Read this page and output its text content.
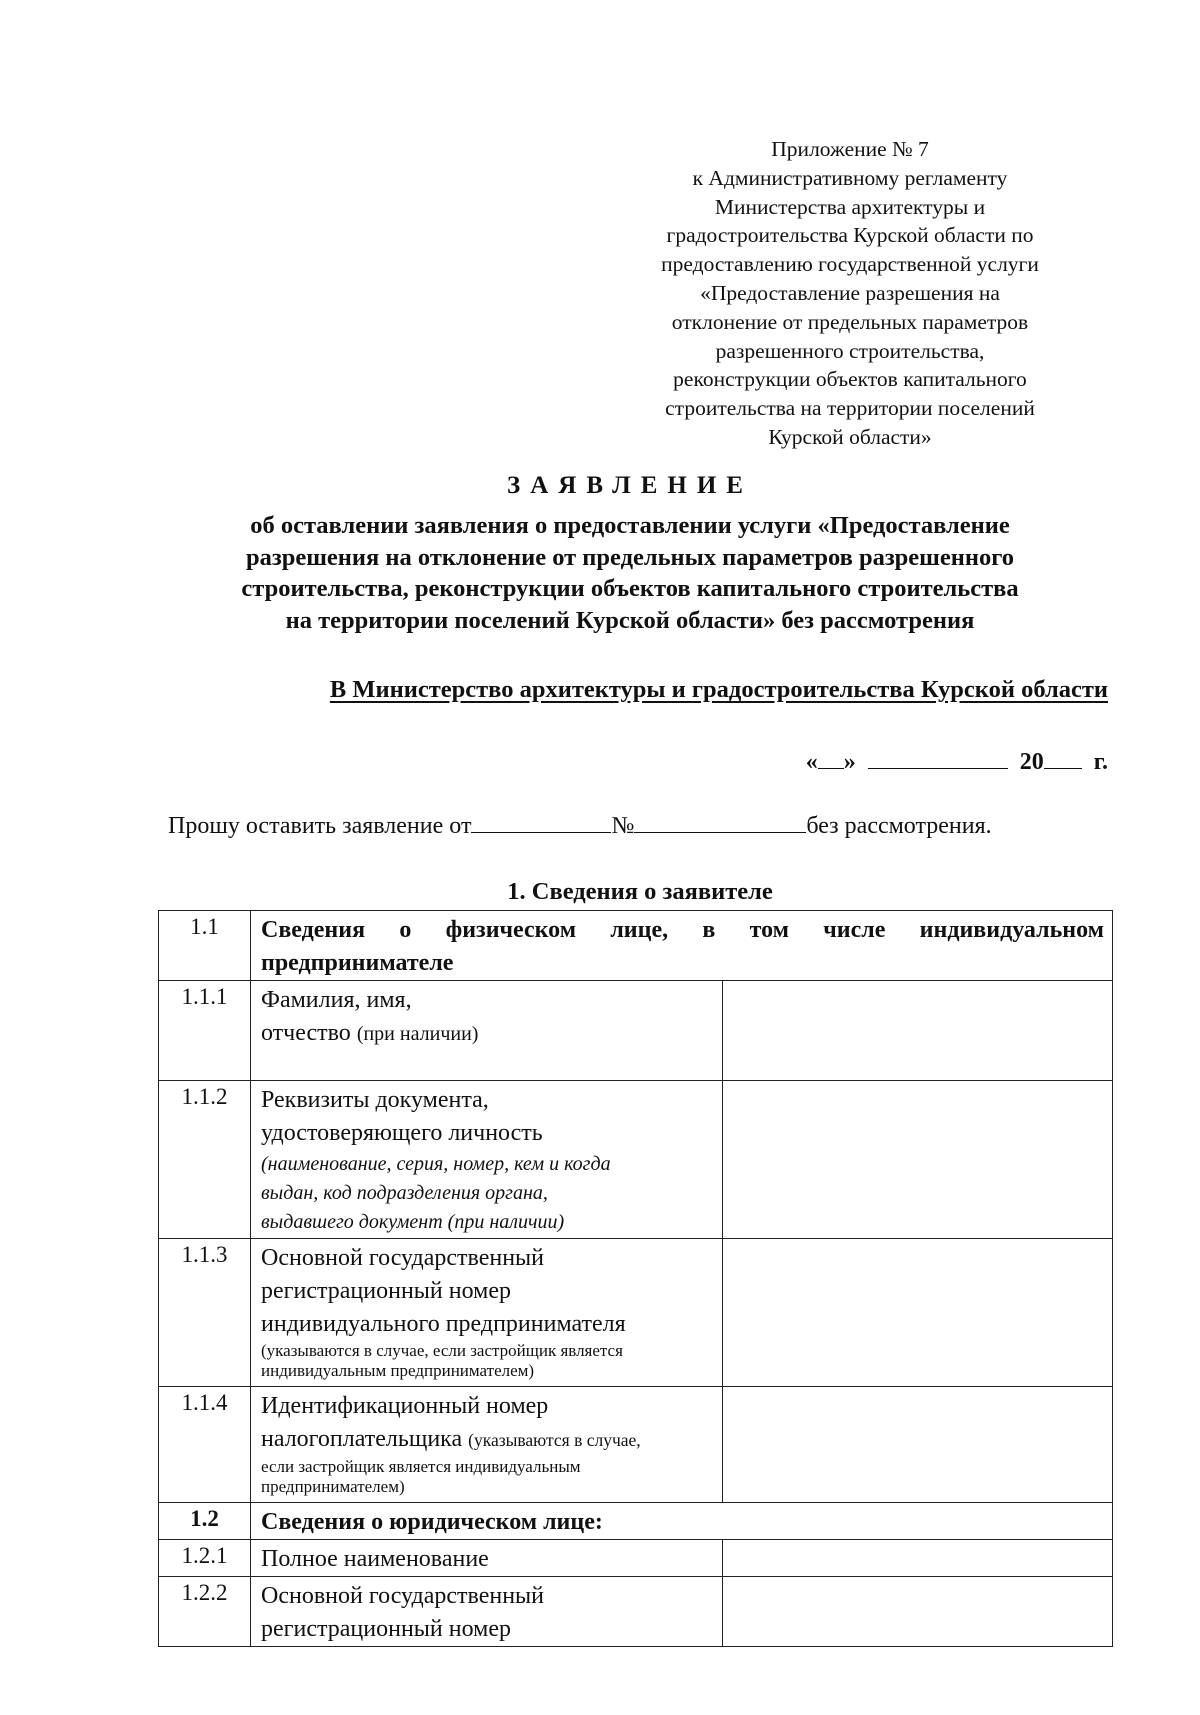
Приложение № 7
к Административному регламенту
Министерства архитектуры и
градостроительства Курской области по
предоставлению государственной услуги
«Предоставление разрешения на
отклонение от предельных параметров
разрешенного строительства,
реконструкции объектов капитального
строительства на территории поселений
Курской области»
ЗАЯВЛЕНИЕ
об оставлении заявления о предоставлении услуги «Предоставление
разрешения на отклонение от предельных параметров разрешенного
строительства, реконструкции объектов капитального строительства
на территории поселений Курской области» без рассмотрения
В Министерство архитектуры и градостроительства Курской области
« »	20 г.
Прошу оставить заявление от	№	без рассмотрения.
1. Сведения о заявителе
1.1	Сведения о физическом лице, в том числе индивидуальном
предпринимателе	

1.1.1	Фамилия, имя,
отчество (при наличии)	

1.1.2	Реквизиты документа,
удостоверяющего личность
(наименование, серия, номер, кем и когда
выдан, код подразделения органа,
выдавшего документ (при наличии)	

1.1.3	Основной государственный
регистрационный номер
индивидуального предпринимателя
(указываются в случае, если застройщик является
индивидуальным предпринимателем)	

1.1.4	Идентификационный номер
налогоплательщика (указываются в случае,
если застройщик является индивидуальным
предпринимателем)	

1.2	Сведения о юридическом лице:	
1.2.1	Полное наименование	
1.2.2	Основной государственный
регистрационный номер	
